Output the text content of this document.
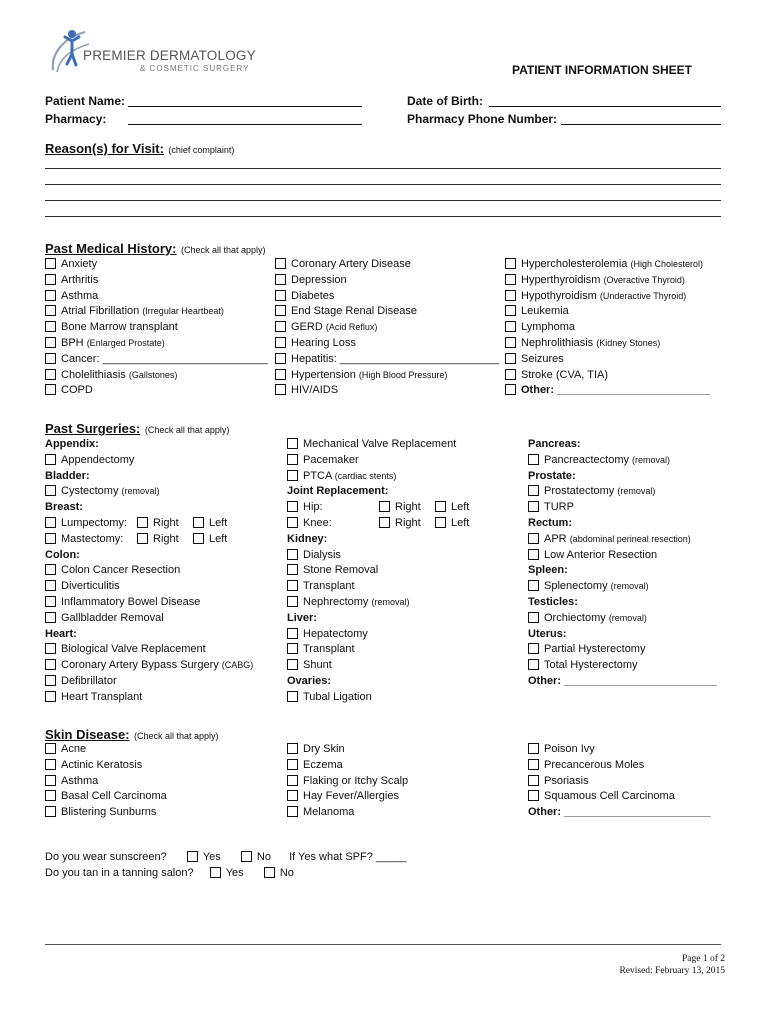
PREMIER DERMATOLOGY
& COSMETIC SURGERY	PATIENT INFORMATION SHEET
Patient Name:
Pharmacy:
Date of Birth:
Pharmacy Phone Number:
Reason(s) for Visit: (chief complaint)
Past Medical History: (Check all that apply)
Anxiety
Arthritis
Asthma
Atrial Fibrillation (Irregular Heartbeat)
Bone Marrow transplant
BPH (Enlarged Prostate)
Cancer: ___________________________
Cholelithiasis (Gallstones)
COPD
Coronary Artery Disease
Depression
Diabetes
End Stage Renal Disease
GERD (Acid Reflux)
Hearing Loss
Hepatitis: __________________________
Hypertension (High Blood Pressure)
HIV/AIDS
Hypercholesterolemia (High Cholesterol)
Hyperthyroidism (Overactive Thyroid)
Hypothyroidism (Underactive Thyroid)
Leukemia
Lymphoma
Nephrolithiasis (Kidney Stones)
Seizures
Stroke (CVA, TIA)
Other: _________________________
Past Surgeries: (Check all that apply)
Appendix:
Appendectomy
Bladder:
Cystectomy (removal)
Breast:
Lumpectomy: Right	Left
Mastectomy:	Right	Left
Colon:
Colon Cancer Resection
Diverticulitis
Inflammatory Bowel Disease
Gallbladder Removal
Heart:
Biological Valve Replacement
Coronary Artery Bypass Surgery (CABG)
Defibrillator
Heart Transplant
Mechanical Valve Replacement
Pacemaker
PTCA (cardiac stents)
Joint Replacement:
Hip:	Right	Left
Knee:	Right	Left
Kidney:
Dialysis
Stone Removal
Transplant
Nephrectomy (removal)
Liver:
Hepatectomy
Transplant
Shunt
Ovaries:
Tubal Ligation
Pancreas:
Pancreactectomy (removal)
Prostate:
Prostatectomy (removal)
TURP
Rectum:
APR (abdominal perineal resection)
Low Anterior Resection
Spleen:
Splenectomy (removal)
Testicles:
Orchiectomy (removal)
Uterus:
Partial Hysterectomy
Total Hysterectomy
Other: _________________________
Skin Disease: (Check all that apply)
Acne
Actinic Keratosis
Asthma
Basal Cell Carcinoma
Blistering Sunburns
Dry Skin
Eczema
Flaking or Itchy Scalp
Hay Fever/Allergies
Melanoma
Poison Ivy
Precancerous Moles
Psoriasis
Squamous Cell Carcinoma
Other: ________________________
Do you wear sunscreen?	Yes	No If Yes what SPF? _____
Do you tan in a tanning salon?	Yes	No
Page 1 of 2
Revised: February 13, 2015
